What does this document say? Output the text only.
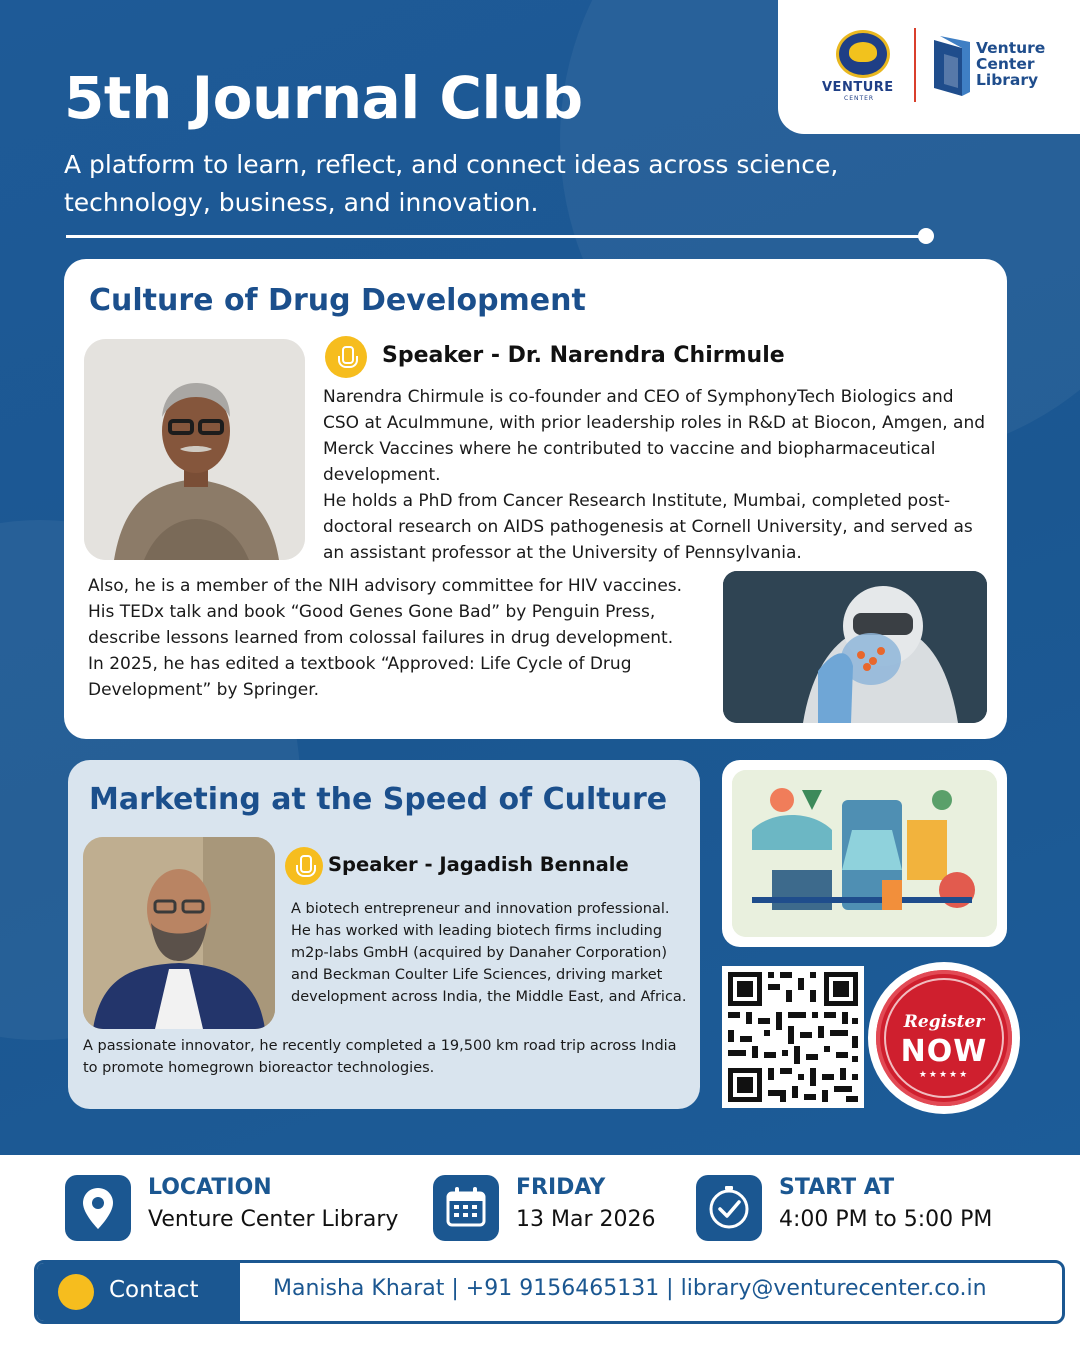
VENTURE
CENTER
Venture
Center
Library
5th Journal Club

A platform to learn, reflect, and connect ideas across science, technology, business, and innovation.

Culture of Drug Development
Speaker - Dr. Narendra Chirmule
Narendra Chirmule is co-founder and CEO of SymphonyTech Biologics and CSO at AcuImmune, with prior leadership roles in R&D at Biocon, Amgen, and Merck Vaccines where he contributed to vaccine and biopharmaceutical development.
He holds a PhD from Cancer Research Institute, Mumbai, completed post-doctoral research on AIDS pathogenesis at Cornell University, and served as an assistant professor at the University of Pennsylvania.
Also, he is a member of the NIH advisory committee for HIV vaccines. His TEDx talk and book “Good Genes Gone Bad” by Penguin Press, describe lessons learned from colossal failures in drug development. In 2025, he has edited a textbook “Approved: Life Cycle of Drug Development” by Springer.
Marketing at the Speed of Culture
Speaker - Jagadish Bennale
A biotech entrepreneur and innovation professional. He has worked with leading biotech firms including m2p-labs GmbH (acquired by Danaher Corporation) and Beckman Coulter Life Sciences, driving market development across India, the Middle East, and Africa.
A passionate innovator, he recently completed a 19,500 km road trip across India to promote homegrown bioreactor technologies.
Register
NOW
★★★★★
LOCATION
Venture Center Library
FRIDAY
13 Mar 2026
START AT
4:00 PM to 5:00 PM
Contact	Manisha Kharat | +91 9156465131 | library@venturecenter.co.in
